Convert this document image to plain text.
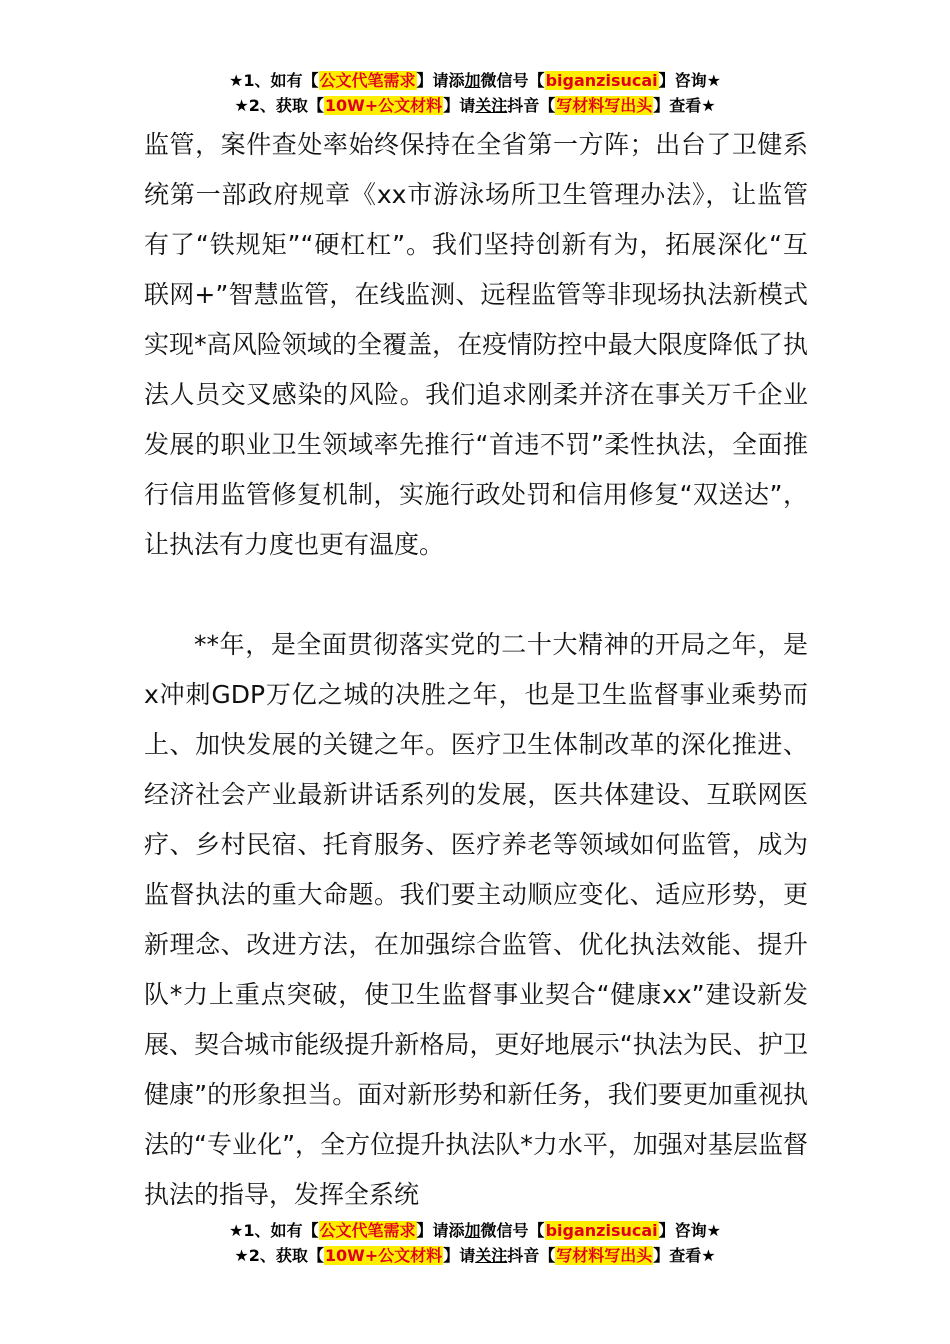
★1、如有【公文代笔需求】请添加微信号【biganzisucai】咨询★
★2、获取【10W+公文材料】请关注抖音【写材料写出头】查看★

监管，案件查处率始终保持在全省第一方阵；出台了卫健系统第一部政府规章《xx市游泳场所卫生管理办法》，让监管有了“铁规矩”“硬杠杠”。我们坚持创新有为，拓展深化“互联网+”智慧监管，在线监测、远程监管等非现场执法新模式实现*高风险领域的全覆盖，在疫情防控中最大限度降低了执法人员交叉感染的风险。我们追求刚柔并济在事关万千企业发展的职业卫生领域率先推行“首违不罚”柔性执法，全面推行信用监管修复机制，实施行政处罚和信用修复“双送达”，让执法有力度也更有温度。

**年，是全面贯彻落实党的二十大精神的开局之年，是x冲刺GDP万亿之城的决胜之年，也是卫生监督事业乘势而上、加快发展的关键之年。医疗卫生体制改革的深化推进、经济社会产业最新讲话系列的发展，医共体建设、互联网医疗、乡村民宿、托育服务、医疗养老等领域如何监管，成为监督执法的重大命题。我们要主动顺应变化、适应形势，更新理念、改进方法，在加强综合监管、优化执法效能、提升队*力上重点突破，使卫生监督事业契合“健康xx”建设新发展、契合城市能级提升新格局，更好地展示“执法为民、护卫健康”的形象担当。面对新形势和新任务，我们要更加重视执法的“专业化”，全方位提升执法队*力水平，加强对基层监督执法的指导，发挥全系统

★1、如有【公文代笔需求】请添加微信号【biganzisucai】咨询★
★2、获取【10W+公文材料】请关注抖音【写材料写出头】查看★
